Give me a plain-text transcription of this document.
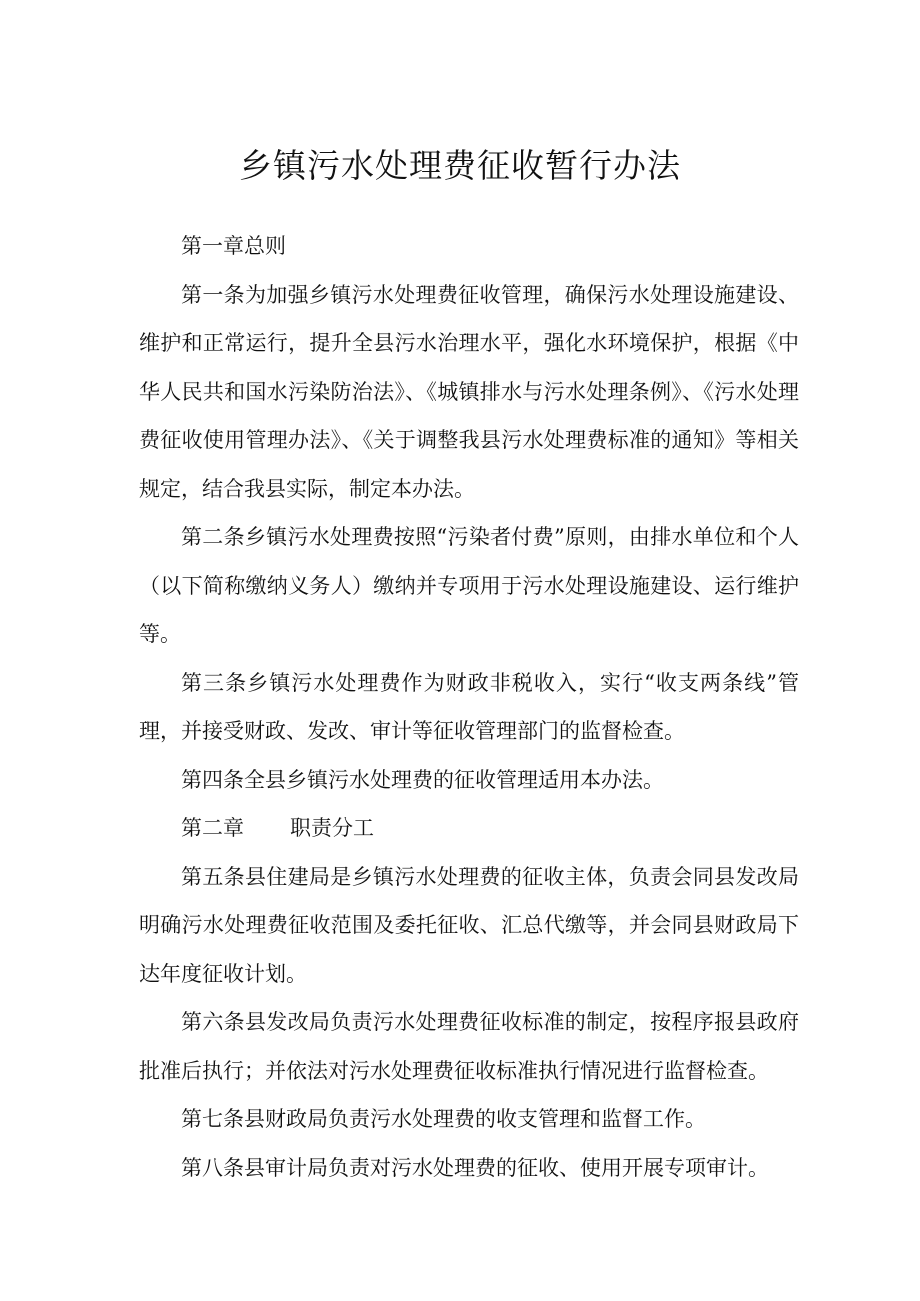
乡镇污水处理费征收暂行办法

第一章总则

第一条为加强乡镇污水处理费征收管理，确保污水处理设施建设、维护和正常运行，提升全县污水治理水平，强化水环境保护，根据《中华人民共和国水污染防治法》、《城镇排水与污水处理条例》、《污水处理费征收使用管理办法》、《关于调整我县污水处理费标准的通知》等相关规定，结合我县实际，制定本办法。

第二条乡镇污水处理费按照“污染者付费”原则，由排水单位和个人（以下简称缴纳义务人）缴纳并专项用于污水处理设施建设、运行维护等。

第三条乡镇污水处理费作为财政非税收入，实行“收支两条线”管理，并接受财政、发改、审计等征收管理部门的监督检查。

第四条全县乡镇污水处理费的征收管理适用本办法。

第二章 职责分工

第五条县住建局是乡镇污水处理费的征收主体，负责会同县发改局明确污水处理费征收范围及委托征收、汇总代缴等，并会同县财政局下达年度征收计划。

第六条县发改局负责污水处理费征收标准的制定，按程序报县政府批准后执行；并依法对污水处理费征收标准执行情况进行监督检查。

第七条县财政局负责污水处理费的收支管理和监督工作。

第八条县审计局负责对污水处理费的征收、使用开展专项审计。
